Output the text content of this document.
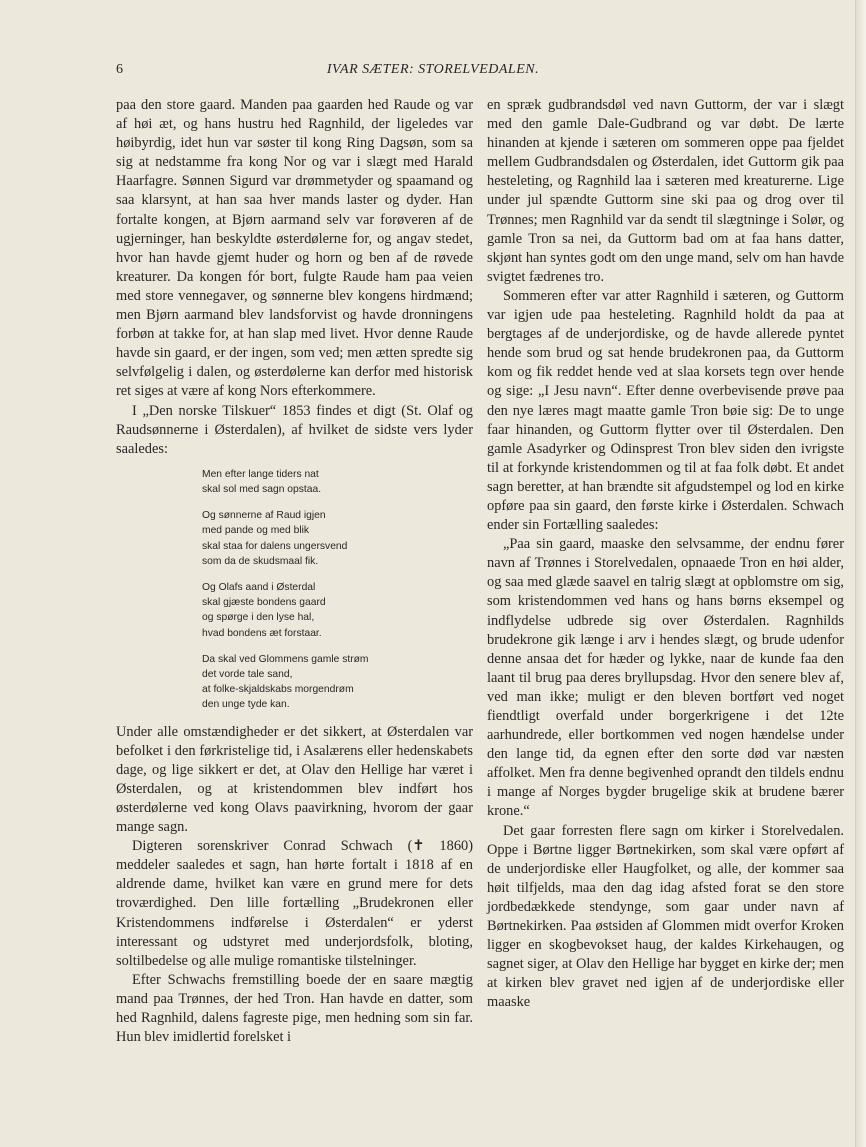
6	IVAR SÆTER: STORELVEDALEN.

paa den store gaard. Manden paa gaarden hed Raude og var af høi æt, og hans hustru hed Ragnhild, der ligeledes var høibyrdig, idet hun var søster til kong Ring Dagsøn, som sa sig at nedstamme fra kong Nor og var i slægt med Harald Haarfagre. Sønnen Sigurd var drømmetyder og spaamand og saa klarsynt, at han saa hver mands laster og dyder. Han fortalte kongen, at Bjørn aarmand selv var forøveren af de ugjerninger, han beskyldte østerdølerne for, og angav stedet, hvor han havde gjemt huder og horn og ben af de røvede kreaturer. Da kongen fór bort, fulgte Raude ham paa veien med store vennegaver, og sønnerne blev kongens hirdmænd; men Bjørn aarmand blev landsforvist og havde dronningens forbøn at takke for, at han slap med livet. Hvor denne Raude havde sin gaard, er der ingen, som ved; men ætten spredte sig selvfølgelig i dalen, og østerdølerne kan derfor med historisk ret siges at være af kong Nors efterkommere.

I „Den norske Tilskuer“ 1853 findes et digt (St. Olaf og Raudsønnerne i Østerdalen), af hvilket de sidste vers lyder saaledes:

Men efter lange tiders nat
skal sol med sagn opstaa.
Og sønnerne af Raud igjen
med pande og med blik
skal staa for dalens ungersvend
som da de skudsmaal fik.
Og Olafs aand i Østerdal
skal gjæste bondens gaard
og spørge i den lyse hal,
hvad bondens æt forstaar.
Da skal ved Glommens gamle strøm
det vorde tale sand,
at folke-skjaldskabs morgendrøm
den unge tyde kan.

Under alle omstændigheder er det sikkert, at Østerdalen var befolket i den førkristelige tid, i Asalærens eller hedenskabets dage, og lige sikkert er det, at Olav den Hellige har været i Østerdalen, og at kristendommen blev indført hos østerdølerne ved kong Olavs paavirkning, hvorom der gaar mange sagn.

Digteren sorenskriver Conrad Schwach (✝ 1860) meddeler saaledes et sagn, han hørte fortalt i 1818 af en aldrende dame, hvilket kan være en grund mere for dets troværdighed. Den lille fortælling „Brudekronen eller Kristendommens indførelse i Østerdalen“ er yderst interessant og udstyret med underjordsfolk, bloting, soltilbedelse og alle mulige romantiske tilstelninger.

Efter Schwachs fremstilling boede der en saare mægtig mand paa Trønnes, der hed Tron. Han havde en datter, som hed Ragnhild, dalens fagreste pige, men hedning som sin far. Hun blev imidlertid forelsket i

en spræk gudbrandsdøl ved navn Guttorm, der var i slægt med den gamle Dale-Gudbrand og var døbt. De lærte hinanden at kjende i sæteren om sommeren oppe paa fjeldet mellem Gudbrandsdalen og Østerdalen, idet Guttorm gik paa hesteleting, og Ragnhild laa i sæteren med kreaturerne. Lige under jul spændte Guttorm sine ski paa og drog over til Trønnes; men Ragnhild var da sendt til slægtninge i Solør, og gamle Tron sa nei, da Guttorm bad om at faa hans datter, skjønt han syntes godt om den unge mand, selv om han havde svigtet fædrenes tro.

Sommeren efter var atter Ragnhild i sæteren, og Guttorm var igjen ude paa hesteleting. Ragnhild holdt da paa at bergtages af de underjordiske, og de havde allerede pyntet hende som brud og sat hende brudekronen paa, da Guttorm kom og fik reddet hende ved at slaa korsets tegn over hende og sige: „I Jesu navn“. Efter denne overbevisende prøve paa den nye læres magt maatte gamle Tron bøie sig: De to unge faar hinanden, og Guttorm flytter over til Østerdalen. Den gamle Asadyrker og Odinsprest Tron blev siden den ivrigste til at forkynde kristendommen og til at faa folk døbt. Et andet sagn beretter, at han brændte sit afgudstempel og lod en kirke opføre paa sin gaard, den første kirke i Østerdalen. Schwach ender sin Fortælling saaledes:

„Paa sin gaard, maaske den selvsamme, der endnu fører navn af Trønnes i Storelvedalen, opnaaede Tron en høi alder, og saa med glæde saavel en talrig slægt at opblomstre om sig, som kristendommen ved hans og hans børns eksempel og indflydelse udbrede sig over Østerdalen. Ragnhilds brudekrone gik længe i arv i hendes slægt, og brude udenfor denne ansaa det for hæder og lykke, naar de kunde faa den laant til brug paa deres bryllupsdag. Hvor den senere blev af, ved man ikke; muligt er den bleven bortført ved noget fiendtligt overfald under borgerkrigene i det 12te aarhundrede, eller bortkommen ved nogen hændelse under den lange tid, da egnen efter den sorte død var næsten affolket. Men fra denne begivenhed oprandt den tildels endnu i mange af Norges bygder brugelige skik at brudene bærer krone.“

Det gaar forresten flere sagn om kirker i Storelvedalen. Oppe i Børtne ligger Børtnekirken, som skal være opført af de underjordiske eller Haugfolket, og alle, der kommer saa høit tilfjelds, maa den dag idag afsted forat se den store jordbedækkede stendynge, som gaar under navn af Børtnekirken. Paa østsiden af Glommen midt overfor Kroken ligger en skogbevokset haug, der kaldes Kirkehaugen, og sagnet siger, at Olav den Hellige har bygget en kirke der; men at kirken blev gravet ned igjen af de underjordiske eller maaske
